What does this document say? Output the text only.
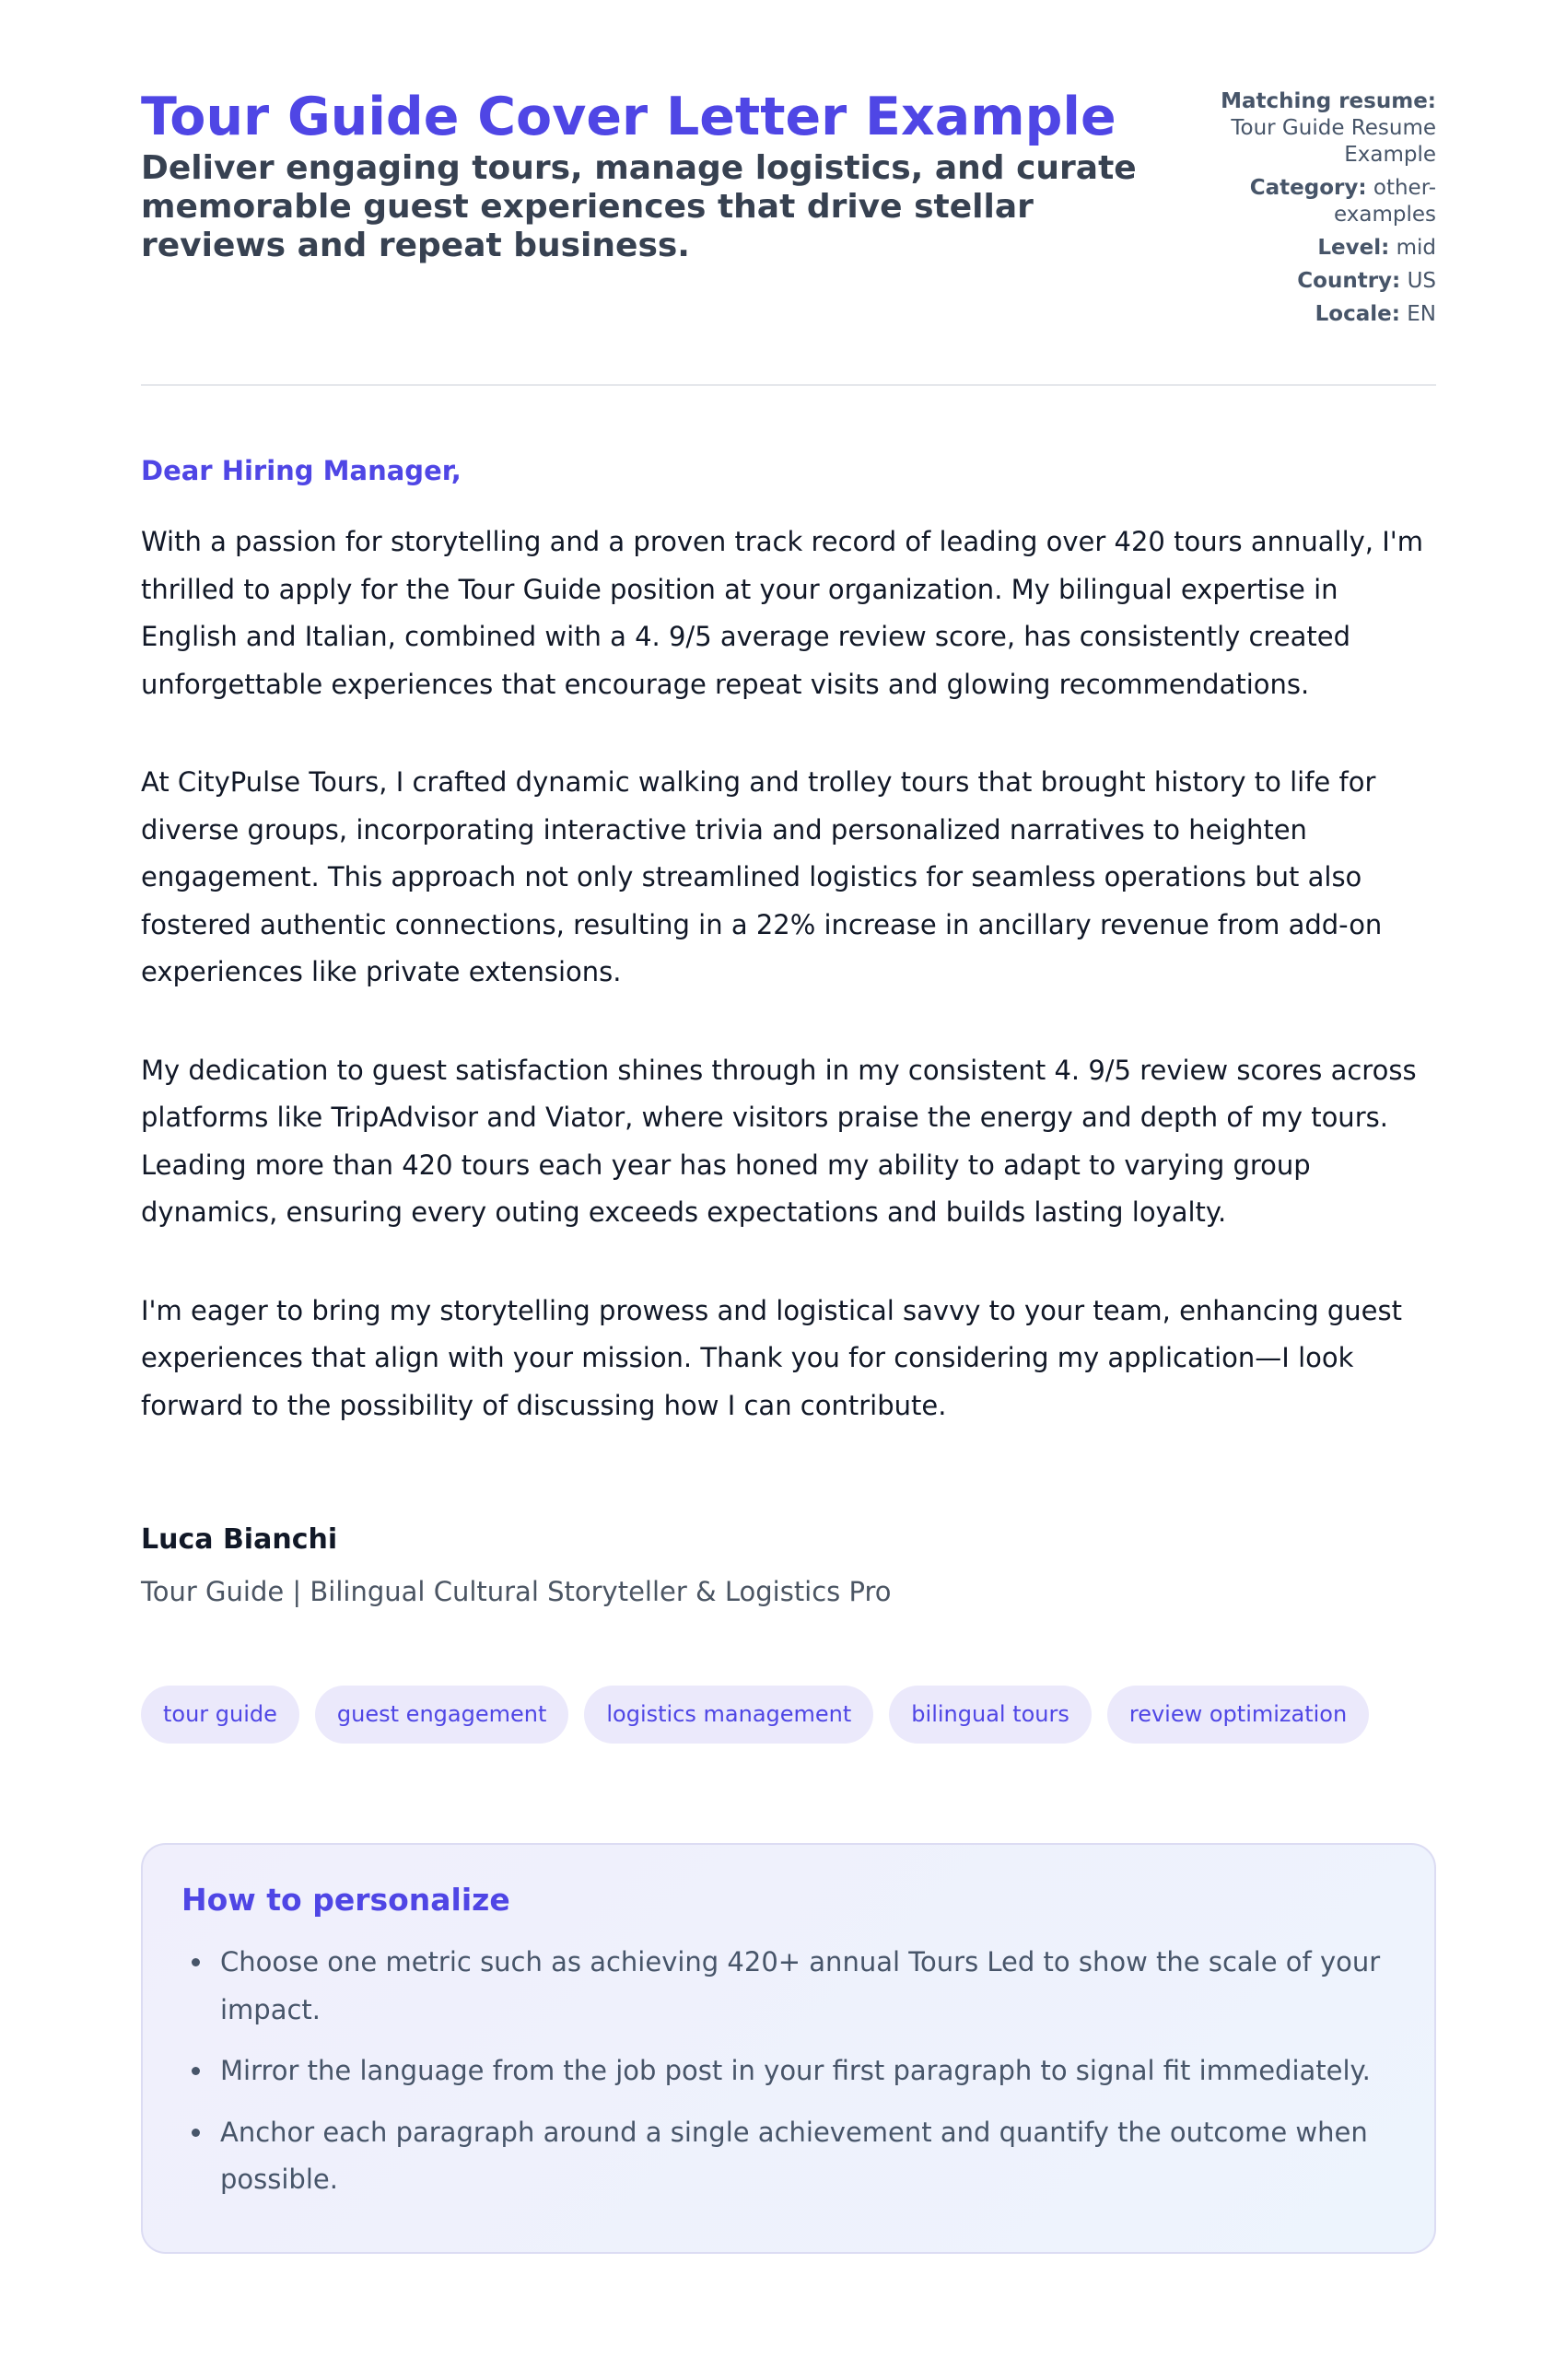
Tour Guide Cover Letter Example

Deliver engaging tours, manage logistics, and curate memorable guest experiences that drive stellar reviews and repeat business.

Matching resume: Tour Guide Resume Example
Category: other-examples
Level: mid
Country: US
Locale: EN

Dear Hiring Manager,

With a passion for storytelling and a proven track record of leading over 420 tours annually, I'm thrilled to apply for the Tour Guide position at your organization. My bilingual expertise in English and Italian, combined with a 4. 9/5 average review score, has consistently created unforgettable experiences that encourage repeat visits and glowing recommendations.

At CityPulse Tours, I crafted dynamic walking and trolley tours that brought history to life for diverse groups, incorporating interactive trivia and personalized narratives to heighten engagement. This approach not only streamlined logistics for seamless operations but also fostered authentic connections, resulting in a 22% increase in ancillary revenue from add-on experiences like private extensions.

My dedication to guest satisfaction shines through in my consistent 4. 9/5 review scores across platforms like TripAdvisor and Viator, where visitors praise the energy and depth of my tours. Leading more than 420 tours each year has honed my ability to adapt to varying group dynamics, ensuring every outing exceeds expectations and builds lasting loyalty.

I'm eager to bring my storytelling prowess and logistical savvy to your team, enhancing guest experiences that align with your mission. Thank you for considering my application—I look forward to the possibility of discussing how I can contribute.

Luca Bianchi
Tour Guide | Bilingual Cultural Storyteller & Logistics Pro
tour guide	guest engagement	logistics management	bilingual tours	review optimization
How to personalize
• Choose one metric such as achieving 420+ annual Tours Led to show the scale of your impact.
• Mirror the language from the job post in your first paragraph to signal fit immediately.
• Anchor each paragraph around a single achievement and quantify the outcome when possible.
